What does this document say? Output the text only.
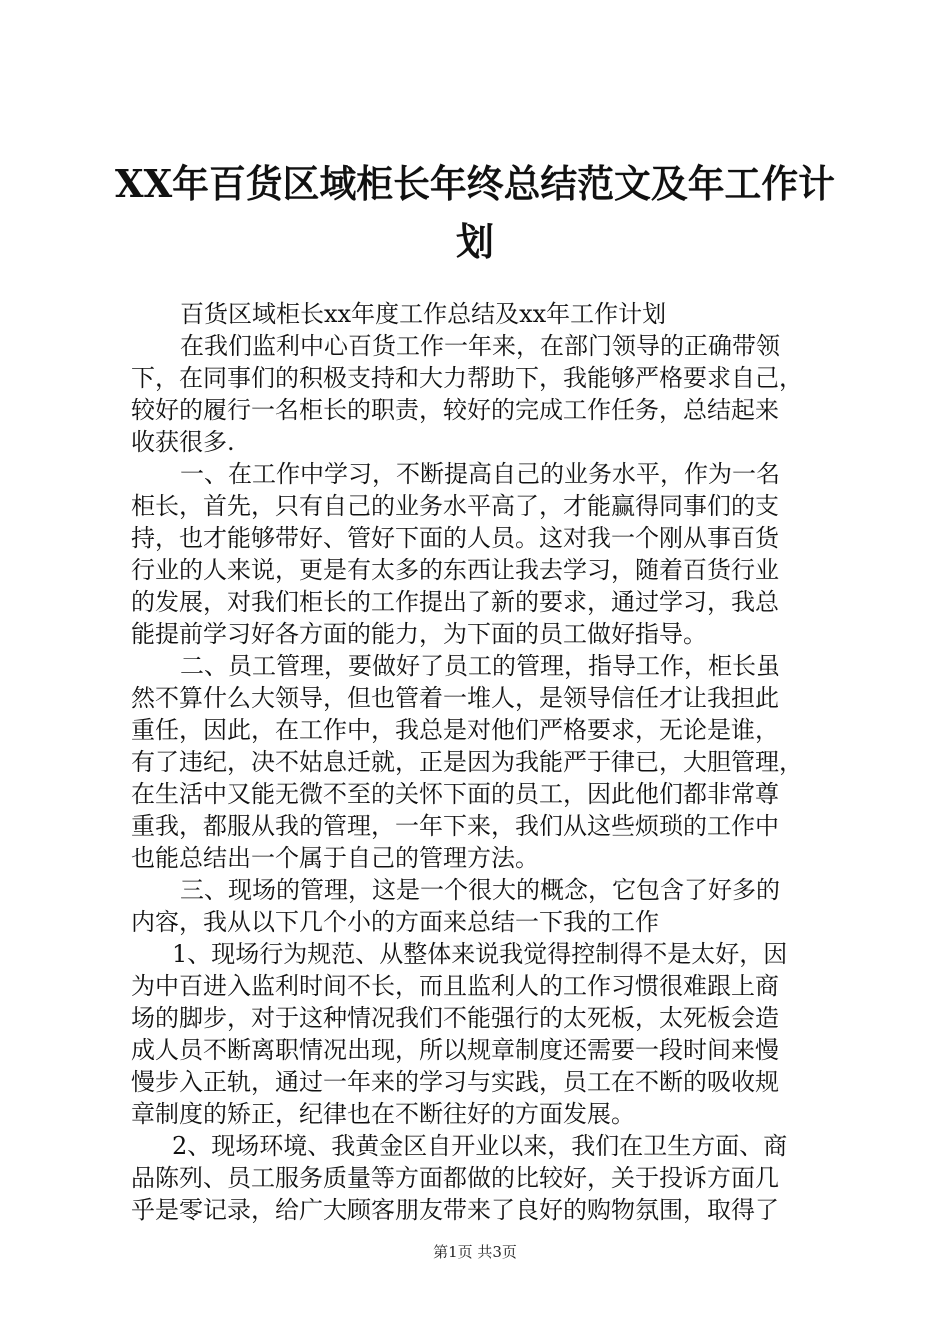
XX年百货区域柜长年终总结范文及年工作计
划
百货区域柜长xx年度工作总结及xx年工作计划
在我们监利中心百货工作一年来，在部门领导的正确带领
下，在同事们的积极支持和大力帮助下，我能够严格要求自己，
较好的履行一名柜长的职责，较好的完成工作任务，总结起来
收获很多.
一、在工作中学习，不断提高自己的业务水平，作为一名
柜长，首先，只有自己的业务水平高了，才能赢得同事们的支
持，也才能够带好、管好下面的人员。这对我一个刚从事百货
行业的人来说，更是有太多的东西让我去学习，随着百货行业
的发展，对我们柜长的工作提出了新的要求，通过学习，我总
能提前学习好各方面的能力，为下面的员工做好指导。
二、员工管理，要做好了员工的管理，指导工作，柜长虽
然不算什么大领导，但也管着一堆人，是领导信任才让我担此
重任，因此，在工作中，我总是对他们严格要求，无论是谁，
有了违纪，决不姑息迁就，正是因为我能严于律已，大胆管理，
在生活中又能无微不至的关怀下面的员工，因此他们都非常尊
重我，都服从我的管理，一年下来，我们从这些烦琐的工作中
也能总结出一个属于自己的管理方法。
三、现场的管理，这是一个很大的概念，它包含了好多的
内容，我从以下几个小的方面来总结一下我的工作
1、现场行为规范、从整体来说我觉得控制得不是太好，因
为中百进入监利时间不长，而且监利人的工作习惯很难跟上商
场的脚步，对于这种情况我们不能强行的太死板，太死板会造
成人员不断离职情况出现，所以规章制度还需要一段时间来慢
慢步入正轨，通过一年来的学习与实践，员工在不断的吸收规
章制度的矫正，纪律也在不断往好的方面发展。
2、现场环境、我黄金区自开业以来，我们在卫生方面、商
品陈列、员工服务质量等方面都做的比较好，关于投诉方面几
乎是零记录，给广大顾客朋友带来了良好的购物氛围，取得了
第1页 共3页
